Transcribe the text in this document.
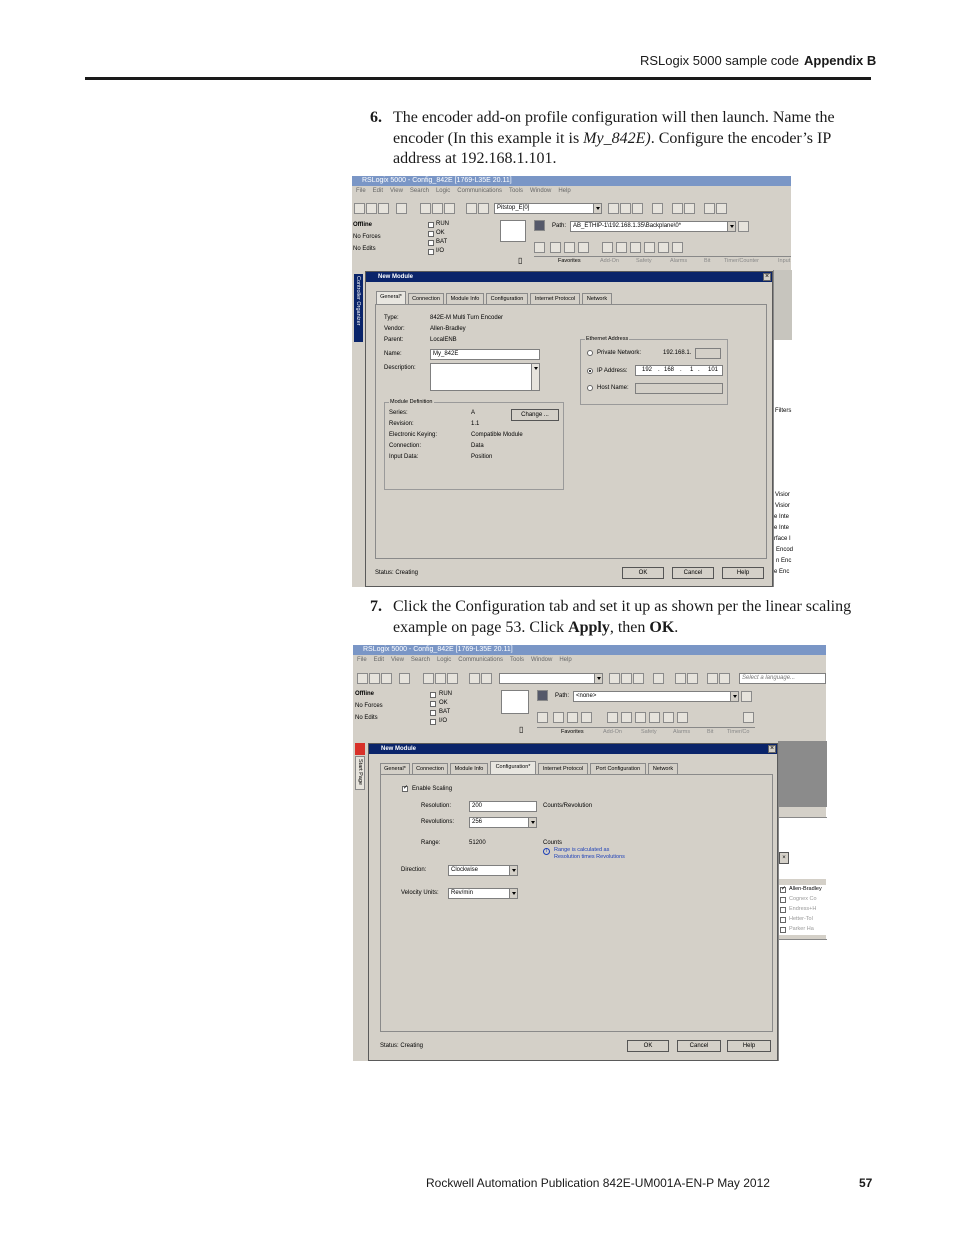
RSLogix 5000 sample code Appendix B
6. The encoder add-on profile configuration will then launch. Name the encoder (In this example it is My_842E). Configure the encoder’s IP address at 192.168.1.101.
RSLogix 5000 - Config_842E [1769-L35E 20.11]
File Edit View Search Logic Communications Tools Window Help
Pitstop_E[0]
Offline
No Forces
No Edits
RUN
OK
BAT
I/O
Path:	AB_ETHIP-1\192.168.1.35\Backplane\0*
▯	Favorites	Add-On	Safety	Alarms	Bit Timer/Counter	Input
Controller Organizer
Filters
Visior
Visior
e Inte
e Inte
rface I
Encod
n Enc
e Enc
New Module	×
General*	Connection	Module Info	Configuration	Internet Protocol	Network
Type:	842E-M Multi Turn Encoder
Vendor:	Allen-Bradley
Parent:	LocalENB
Name:	My_842E
Description:
Module Definition
Series:	A
Revision:	1.1
Electronic Keying:	Compatible Module
Connection:	Data
Input Data:	Position
Change ...
Ethernet Address
Private Network:	192.168.1.
IP Address: 192 . 168 . 1 . 101
Host Name:
Status: Creating	OK	Cancel	Help
7. Click the Configuration tab and set it up as shown per the linear scaling example on page 53. Click Apply, then OK.
RSLogix 5000 - Config_842E [1769-L35E 20.11]
File Edit View Search Logic Communications Tools Window Help
Select a language...
Offline
No Forces
No Edits
RUN
OK
BAT
I/O
Path:	<none>
▯	Favorites	Add-On	Safety	Alarms	Bit Timer/Co
Start Page
×
✓
Allen-Bradley
Cognex Co
Endress+H
Hetter-Tol
Parker Ha
New Module	×
General*	Connection	Module Info	Configuration*	Internet Protocol	Port Configuration	Network
✓
Enable Scaling
Resolution:	200	Counts/Revolution
Revolutions:	256
Range:	51200	Counts
i	Range is calculated as
Resolution times Revolutions
Direction:	Clockwise
Velocity Units:	Rev/min
Status: Creating	OK	Cancel	Help
Rockwell Automation Publication 842E-UM001A-EN-P May 2012	57
